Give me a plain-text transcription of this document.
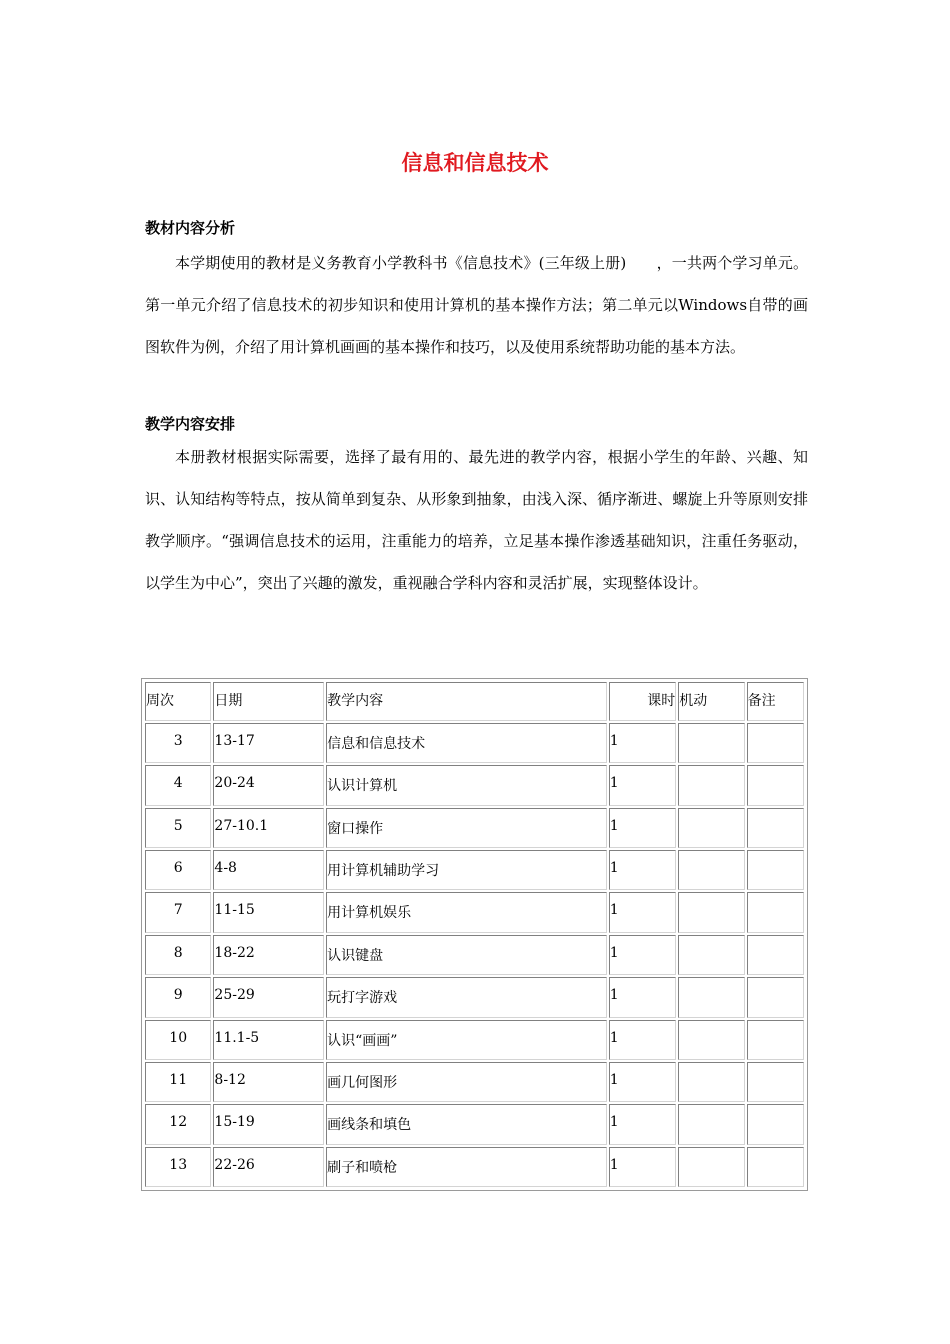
信息和信息技术
教材内容分析

本学期使用的教材是义务教育小学教科书《信息技术》(三年级上册)　　，一共两个学习单元。第一单元介绍了信息技术的初步知识和使用计算机的基本操作方法；第二单元以Windows自带的画图软件为例，介绍了用计算机画画的基本操作和技巧，以及使用系统帮助功能的基本方法。

教学内容安排

本册教材根据实际需要，选择了最有用的、最先进的教学内容，根据小学生的年龄、兴趣、知识、认知结构等特点，按从简单到复杂、从形象到抽象，由浅入深、循序渐进、螺旋上升等原则安排教学顺序。“强调信息技术的运用，注重能力的培养，立足基本操作渗透基础知识，注重任务驱动，以学生为中心”，突出了兴趣的激发，重视融合学科内容和灵活扩展，实现整体设计。

周次	日期	教学内容	课时	机动	备注
3	13-17	信息和信息技术	1		
4	20-24	认识计算机	1		
5	27-10.1	窗口操作	1		
6	4-8	用计算机辅助学习	1		
7	11-15	用计算机娱乐	1		
8	18-22	认识键盘	1		
9	25-29	玩打字游戏	1		
10	11.1-5	认识“画画”	1		
11	8-12	画几何图形	1		
12	15-19	画线条和填色	1		
13	22-26	刷子和喷枪	1		
